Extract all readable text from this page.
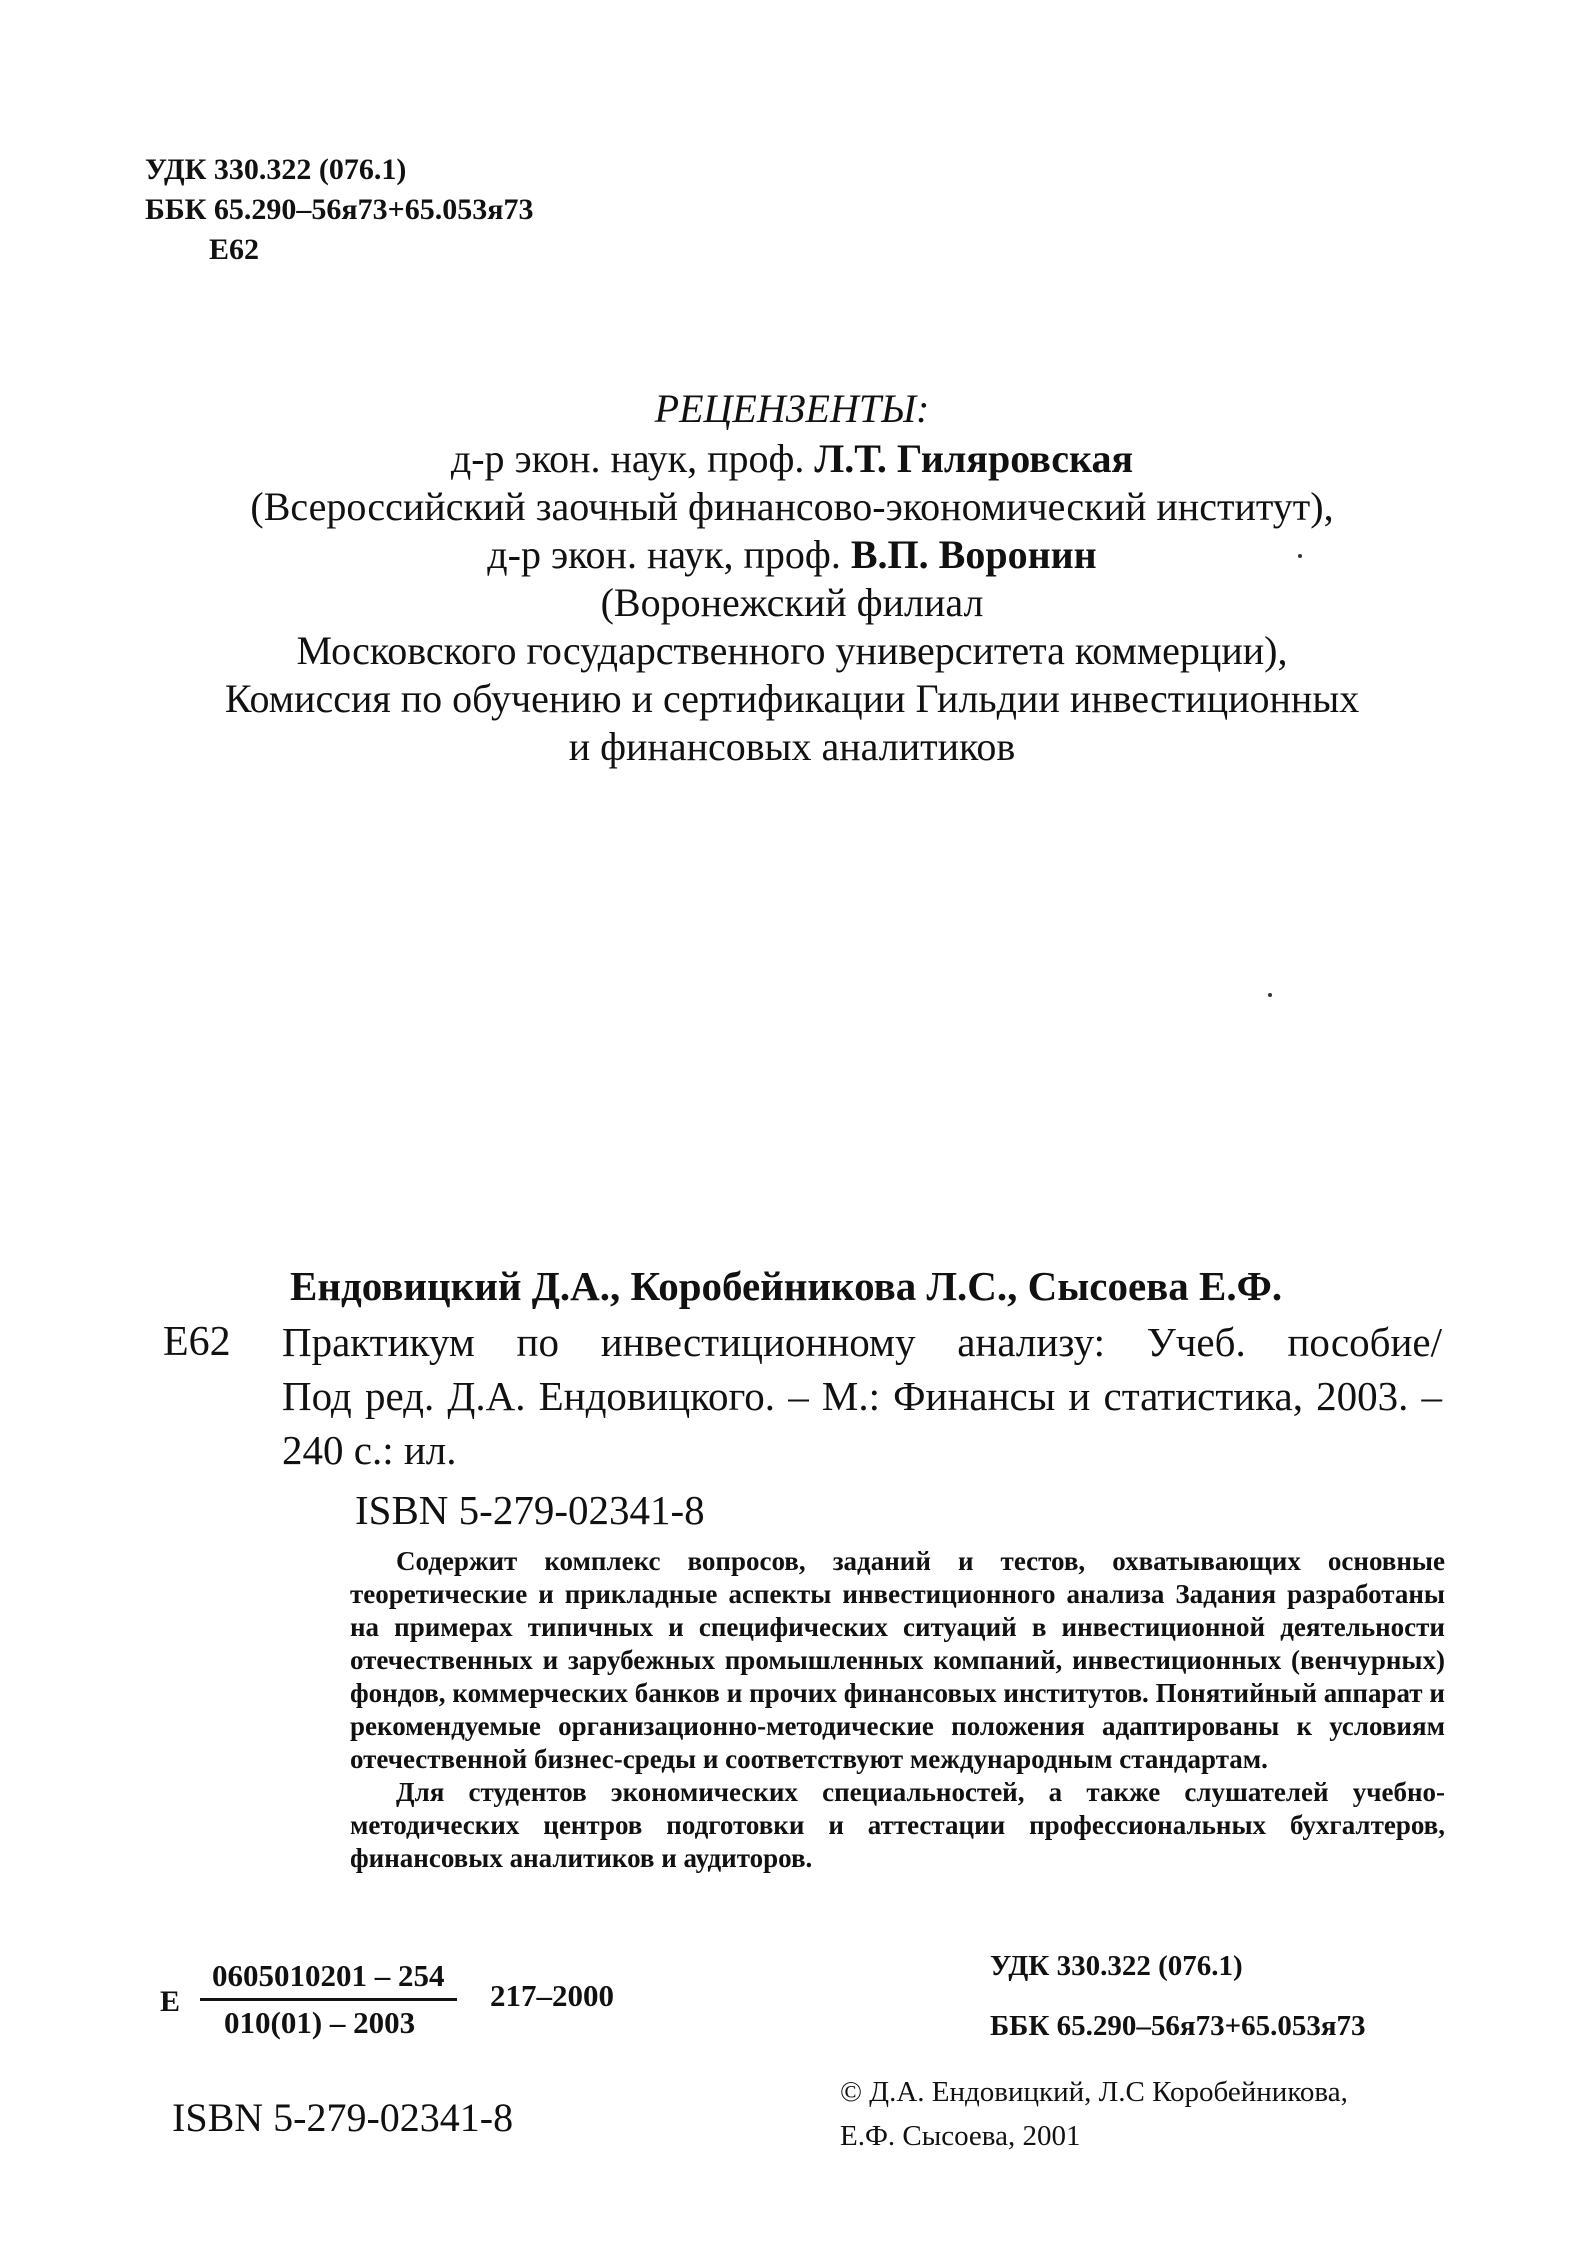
УДК 330.322 (076.1)
ББК 65.290–56я73+65.053я73
Е62
РЕЦЕНЗЕНТЫ:
д-р экон. наук, проф. Л.Т. Гиляровская
(Всероссийский заочный финансово-экономический институт),
д-р экон. наук, проф. В.П. Воронин
(Воронежский филиал
Московского государственного университета коммерции),
Комиссия по обучению и сертификации Гильдии инвестиционных
и финансовых аналитиков
Ендовицкий Д.А., Коробейникова Л.С., Сысоева Е.Ф.
Е62 Практикум по инвестиционному анализу: Учеб. пособие/
Под ред. Д.А. Ендовицкого. – М.: Финансы и статистика, 2003. –
240 с.: ил.
ISBN 5-279-02341-8

Содержит комплекс вопросов, заданий и тестов, охватывающих основные теоретические и прикладные аспекты инвестиционного анализа Задания разработаны на примерах типичных и специфических ситуаций в инвестиционной деятельности отечественных и зарубежных промышленных компаний, инвестиционных (венчурных) фондов, коммерческих банков и прочих финансовых институтов. Понятийный аппарат и рекомендуемые организационно-методические положения адаптированы к условиям отечественной бизнес-среды и соответствуют международным стандартам.

Для студентов экономических специальностей, а также слушателей учебно-методических центров подготовки и аттестации профессиональных бухгалтеров, финансовых аналитиков и аудиторов.

Е $\frac{0605010201 - 254}{010(01) - 2003} 217-2000$
УДК 330.322 (076.1)
ББК 65.290–56я73+65.053я73
ISBN 5-279-02341-8
© Д.А. Ендовицкий, Л.С Коробейникова,
Е.Ф. Сысоева, 2001
